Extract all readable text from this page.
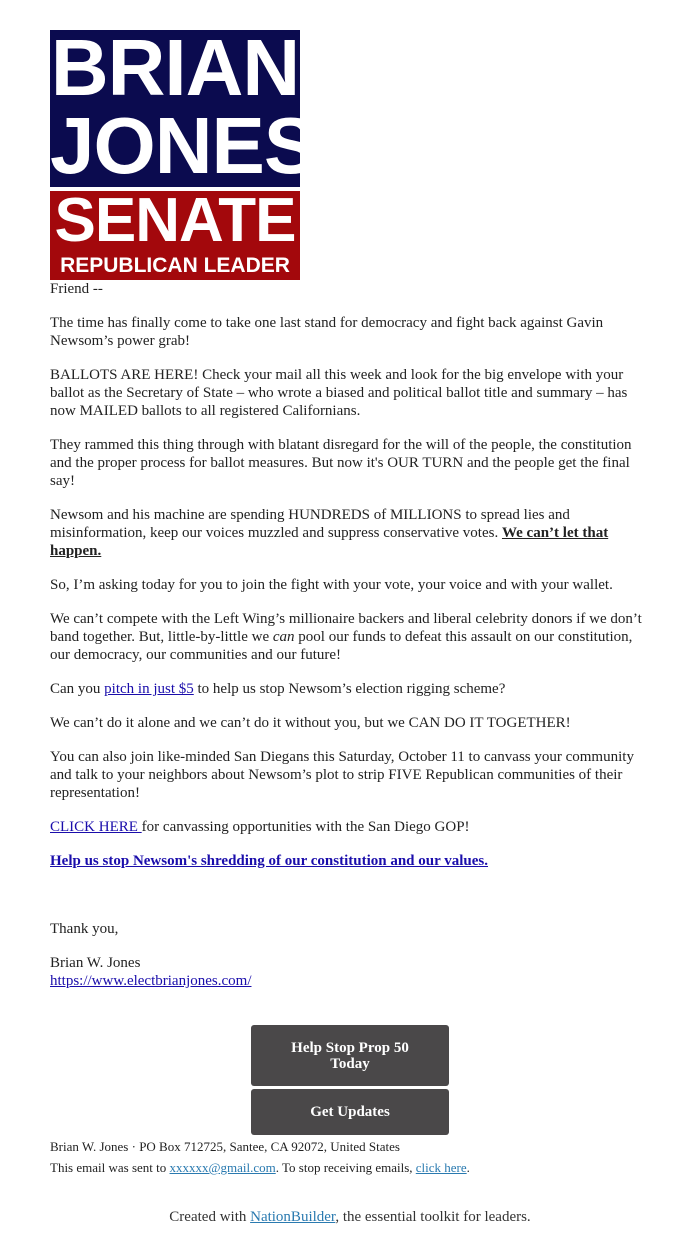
BRIAN
JONES
SENATE
REPUBLICAN LEADER

Friend --

The time has finally come to take one last stand for democracy and fight back against Gavin Newsom’s power grab!

BALLOTS ARE HERE! Check your mail all this week and look for the big envelope with your ballot as the Secretary of State – who wrote a biased and political ballot title and summary – has now MAILED ballots to all registered Californians.

They rammed this thing through with blatant disregard for the will of the people, the constitution and the proper process for ballot measures. But now it's OUR TURN and the people get the final say!

Newsom and his machine are spending HUNDREDS of MILLIONS to spread lies and misinformation, keep our voices muzzled and suppress conservative votes. We can’t let that happen.

So, I’m asking today for you to join the fight with your vote, your voice and with your wallet.

We can’t compete with the Left Wing’s millionaire backers and liberal celebrity donors if we don’t band together. But, little-by-little we can pool our funds to defeat this assault on our constitution, our democracy, our communities and our future!

Can you pitch in just $5 to help us stop Newsom’s election rigging scheme?

We can’t do it alone and we can’t do it without you, but we CAN DO IT TOGETHER!

You can also join like-minded San Diegans this Saturday, October 11 to canvass your community and talk to your neighbors about Newsom’s plot to strip FIVE Republican communities of their representation!

CLICK HERE for canvassing opportunities with the San Diego GOP!

Help us stop Newsom's shredding of our constitution and our values.

Thank you,

Brian W. Jones
https://www.electbrianjones.com/
Help Stop Prop 50 Today
Get Updates
Brian W. Jones · PO Box 712725, Santee, CA 92072, United States
This email was sent to xxxxxx@gmail.com. To stop receiving emails, click here.
Created with NationBuilder, the essential toolkit for leaders.
